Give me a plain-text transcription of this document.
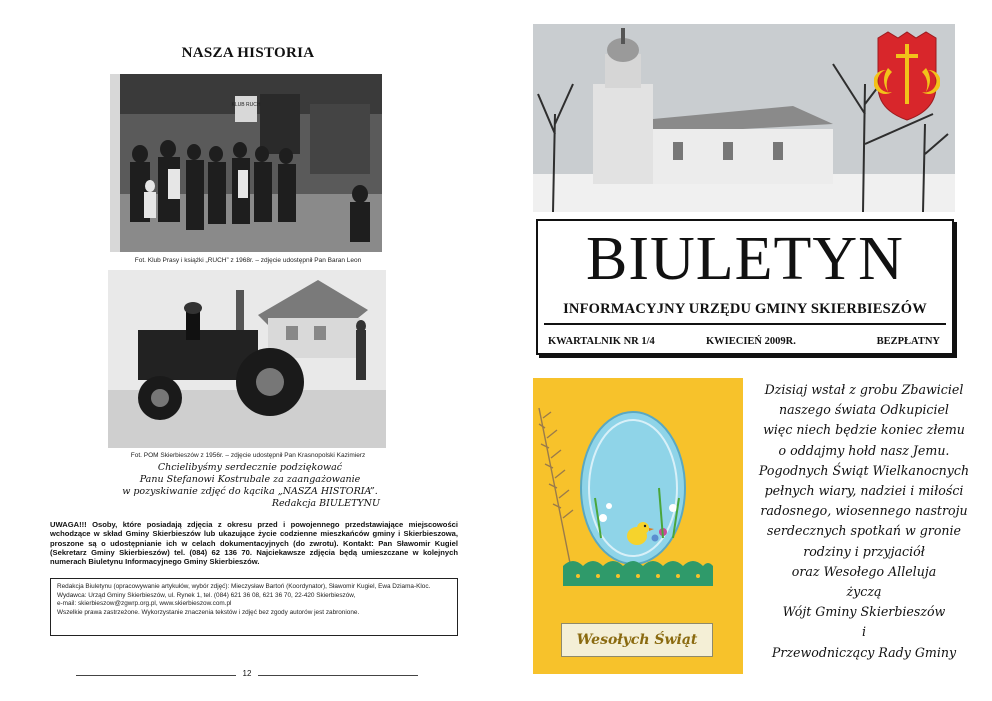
NASZA HISTORIA
KLUB RUCH
Fot. Klub Prasy i książki „RUCH” z 1968r. – zdjęcie udostępnił Pan Baran Leon
Fot. POM Skierbieszów z 1956r. – zdjęcie udostępnił Pan Krasnopolski Kazimierz
Chcielibyśmy serdecznie podziękować
Panu Stefanowi Kostrubale za zaangażowanie
w pozyskiwanie zdjęć do kącika „NASZA HISTORIA”.
Redakcja BIULETYNU
UWAGA!!! Osoby, które posiadają zdjęcia z okresu przed i powojennego przedstawiające miejscowości wchodzące w skład Gminy Skierbieszów lub ukazujące życie codzienne mieszkańców gminy i Skierbieszowa, proszone są o udostępnianie ich w celach dokumentacyjnych (do zwrotu). Kontakt: Pan Sławomir Kugiel (Sekretarz Gminy Skierbieszów) tel. (084) 62 136 70. Najciekawsze zdjęcia będą umieszczane w kolejnych numerach Biuletynu Informacyjnego Gminy Skierbieszów.
Redakcja Biuletynu (opracowywanie artykułów, wybór zdjęć): Mieczysław Bartoń (Koordynator), Sławomir Kugiel, Ewa Dziama-Kloc.
Wydawca: Urząd Gminy Skierbieszów, ul. Rynek 1, tel. (084) 621 36 08, 621 36 70, 22-420 Skierbieszów,
e-mail: skierbieszow@zgwrp.org.pl, www.skierbieszow.com.pl
Wszelkie prawa zastrzeżone. Wykorzystanie znaczenia tekstów i zdjęć bez zgody autorów jest zabronione.
12
BIULETYN
INFORMACYJNY URZĘDU GMINY SKIERBIESZÓW
KWARTALNIK NR 1/4	KWIECIEŃ 2009R.	BEZPŁATNY
Wesołych Świąt
Dzisiaj wstał z grobu Zbawiciel
naszego świata Odkupiciel
więc niech będzie koniec złemu
o oddajmy hołd nasz Jemu.
Pogodnych Świąt Wielkanocnych
pełnych wiary, nadziei i miłości
radosnego, wiosennego nastroju
serdecznych spotkań w gronie
rodziny i przyjaciół
oraz Wesołego Alleluja
życzą
Wójt Gminy Skierbieszów
i
Przewodniczący Rady Gminy
